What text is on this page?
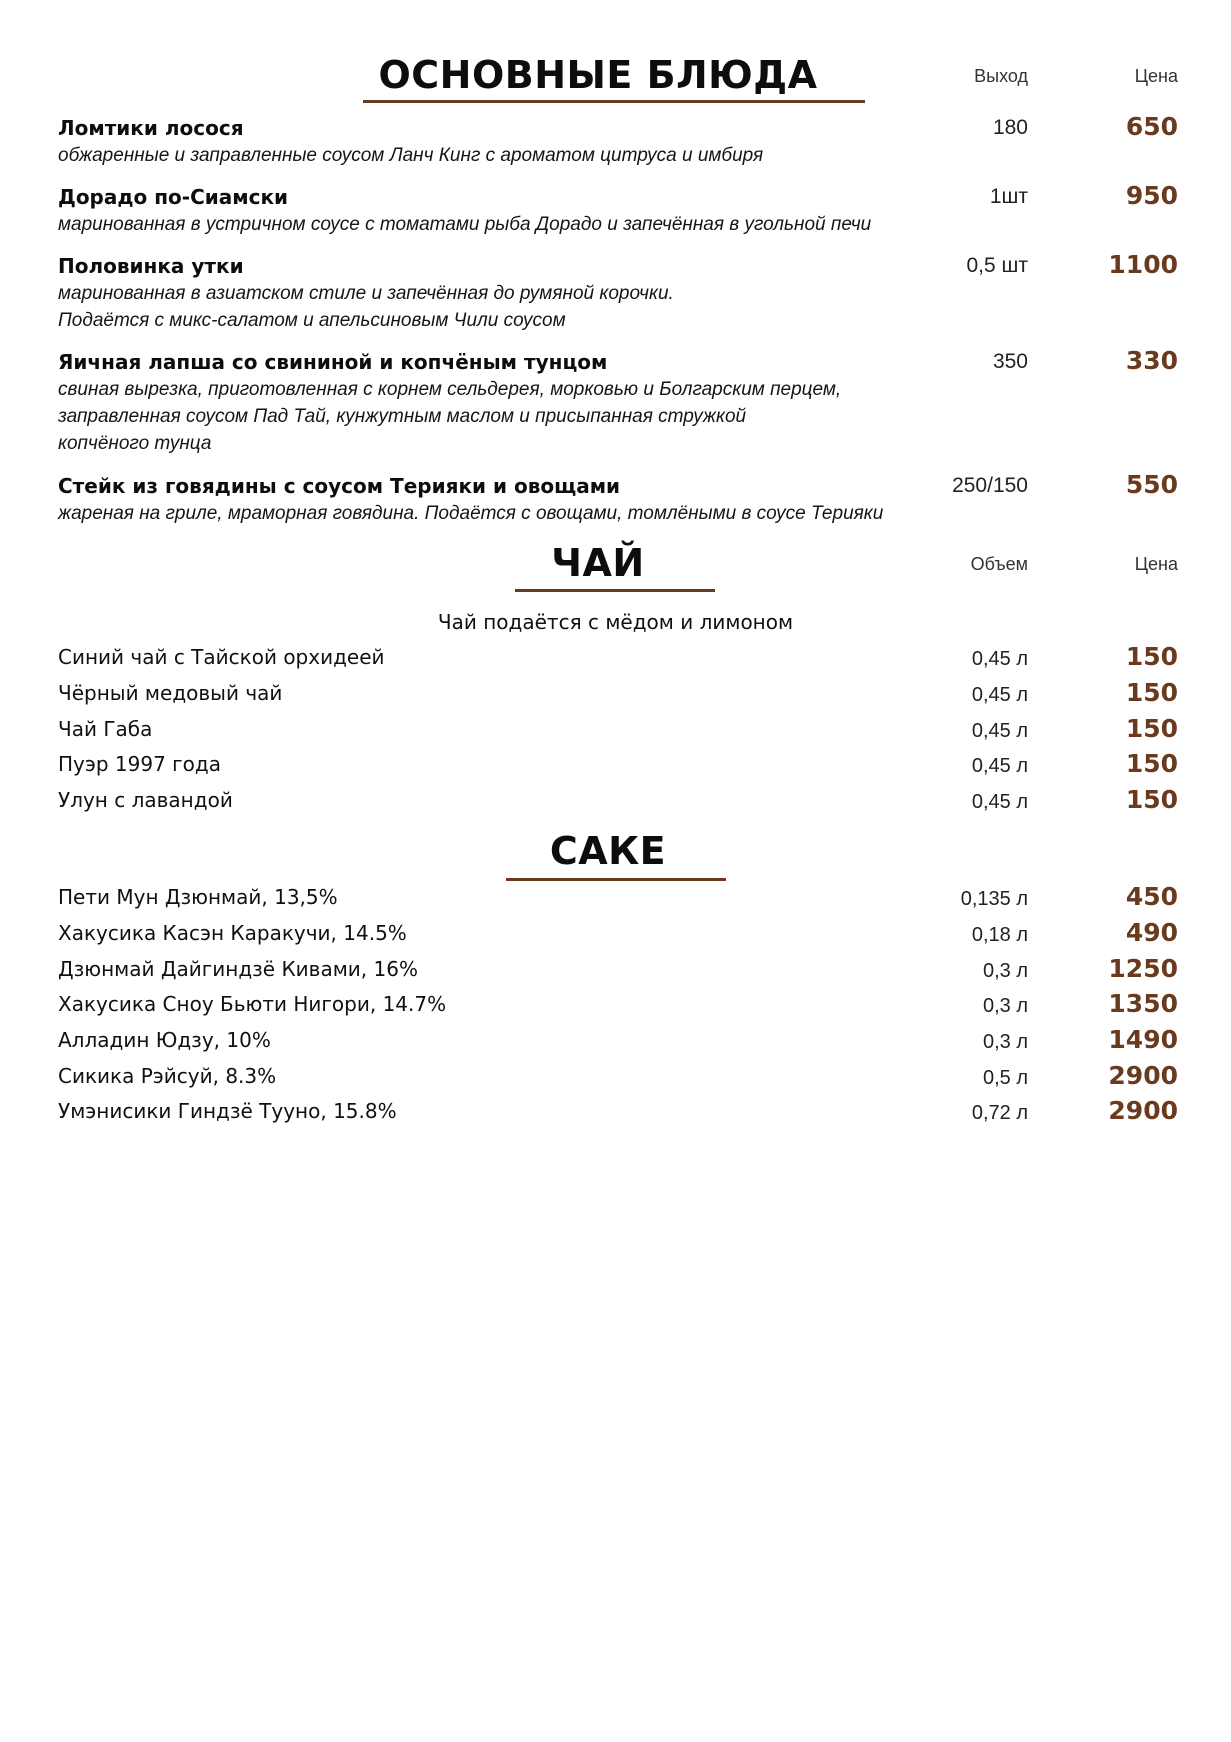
ОСНОВНЫЕ БЛЮДА	Выход	Цена
Ломтики лосося
обжаренные и заправленные соусом Ланч Кинг с ароматом цитруса и имбиря
180	650
Дорадо по-Сиамски
маринованная в устричном соусе с томатами рыба Дорадо и запечённая в угольной печи
1шт	950
Половинка утки
маринованная в азиатском стиле и запечённая до румяной корочки.
Подаётся с микс-салатом и апельсиновым Чили соусом
0,5 шт	1100
Яичная лапша со свининой и копчёным тунцом
свиная вырезка, приготовленная с корнем сельдерея, морковью и Болгарским перцем,
заправленная соусом Пад Тай, кунжутным маслом и присыпанная стружкой
копчёного тунца
350	330
Стейк из говядины с соусом Терияки и овощами
жареная на гриле, мраморная говядина. Подаётся с овощами, томлёными в соусе Терияки
250/150	550
ЧАЙ	Объем	Цена
Чай подаётся с мёдом и лимоном
Синий чай с Тайской орхидеей	0,45 л	150
Чёрный медовый чай	0,45 л	150
Чай Габа	0,45 л	150
Пуэр 1997 года	0,45 л	150
Улун с лавандой	0,45 л	150
САКЕ
Пети Мун Дзюнмай, 13,5%	0,135 л	450
Хакусика Касэн Каракучи, 14.5%	0,18 л	490
Дзюнмай Дайгиндзё Кивами, 16%	0,3 л	1250
Хакусика Сноу Бьюти Нигори, 14.7%	0,3 л	1350
Алладин Юдзу, 10%	0,3 л	1490
Сикика Рэйсуй, 8.3%	0,5 л	2900
Умэнисики Гиндзё Тууно, 15.8%	0,72 л	2900
